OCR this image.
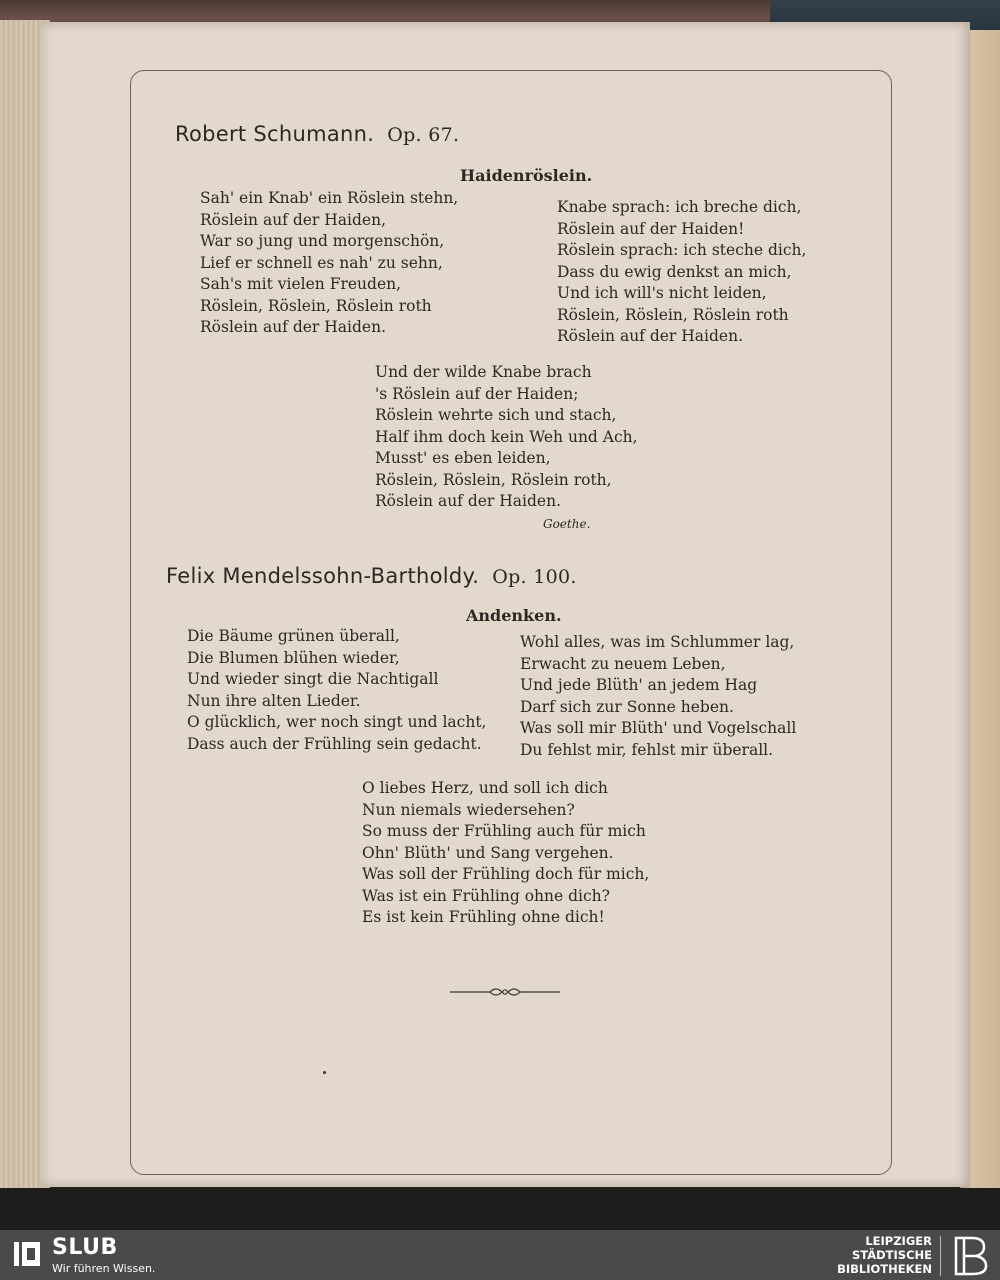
Robert Schumann. Op. 67.
Haidenröslein.
Sah' ein Knab' ein Röslein stehn,
Röslein auf der Haiden,
War so jung und morgenschön,
Lief er schnell es nah' zu sehn,
Sah's mit vielen Freuden,
Röslein, Röslein, Röslein roth
Röslein auf der Haiden.
Knabe sprach: ich breche dich,
Röslein auf der Haiden!
Röslein sprach: ich steche dich,
Dass du ewig denkst an mich,
Und ich will's nicht leiden,
Röslein, Röslein, Röslein roth
Röslein auf der Haiden.
Und der wilde Knabe brach
's Röslein auf der Haiden;
Röslein wehrte sich und stach,
Half ihm doch kein Weh und Ach,
Musst' es eben leiden,
Röslein, Röslein, Röslein roth,
Röslein auf der Haiden.
Goethe.
Felix Mendelssohn-Bartholdy. Op. 100.
Andenken.
Die Bäume grünen überall,
Die Blumen blühen wieder,
Und wieder singt die Nachtigall
Nun ihre alten Lieder.
O glücklich, wer noch singt und lacht,
Dass auch der Frühling sein gedacht.
Wohl alles, was im Schlummer lag,
Erwacht zu neuem Leben,
Und jede Blüth' an jedem Hag
Darf sich zur Sonne heben.
Was soll mir Blüth' und Vogelschall
Du fehlst mir, fehlst mir überall.
O liebes Herz, und soll ich dich
Nun niemals wiedersehen?
So muss der Frühling auch für mich
Ohn' Blüth' und Sang vergehen.
Was soll der Frühling doch für mich,
Was ist ein Frühling ohne dich?
Es ist kein Frühling ohne dich!
SLUB
Wir führen Wissen.
LEIPZIGER
STÄDTISCHE
BIBLIOTHEKEN
